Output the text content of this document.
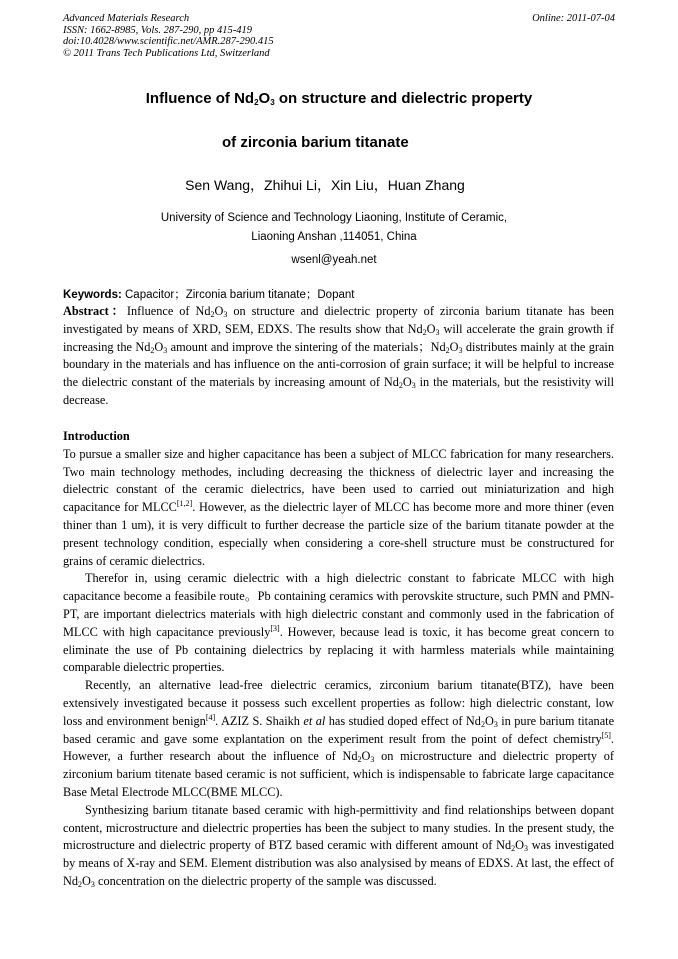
Advanced Materials Research
ISSN: 1662-8985, Vols. 287-290, pp 415-419
doi:10.4028/www.scientific.net/AMR.287-290.415
© 2011 Trans Tech Publications Ltd, Switzerland
Online: 2011-07-04
Influence of $Nd_2O_3$ on structure and dielectric property
of zirconia barium titanate
Sen Wang，Zhihui Li，Xin Liu，Huan Zhang
University of Science and Technology Liaoning, Institute of Ceramic,
Liaoning Anshan ,114051, China
wsenl@yeah.net
Keywords: Capacitor；Zirconia barium titanate；Dopant

Abstract：Influence of $Nd_2O_3$ on structure and dielectric property of zirconia barium titanate has been investigated by means of XRD, SEM, EDXS. The results show that $Nd_2O_3$ will accelerate the grain growth if increasing the $Nd_2O_3$ amount and improve the sintering of the materials；$Nd_2O_3$ distributes mainly at the grain boundary in the materials and has influence on the anti-corrosion of grain surface; it will be helpful to increase the dielectric constant of the materials by increasing amount of $Nd_2O_3$ in the materials, but the resistivity will decrease.

Introduction

To pursue a smaller size and higher capacitance has been a subject of MLCC fabrication for many researchers. Two main technology methodes, including decreasing the thickness of dielectric layer and increasing the dielectric constant of the ceramic dielectrics, have been used to carried out miniaturization and high capacitance for MLCC[1,2]. However, as the dielectric layer of MLCC has become more and more thiner (even thiner than 1 um), it is very difficult to further decrease the particle size of the barium titanate powder at the present technology condition, especially when considering a core-shell structure must be constructured for grains of ceramic dielectrics.

Therefor in, using ceramic dielectric with a high dielectric constant to fabricate MLCC with high capacitance become a feasibile route。Pb containing ceramics with perovskite structure, such PMN and PMN-PT, are important dielectrics materials with high dielectric constant and commonly used in the fabrication of MLCC with high capacitance previously[3]. However, because lead is toxic, it has become great concern to eliminate the use of Pb containing dielectrics by replacing it with harmless materials while maintaining comparable dielectric properties.

Recently, an alternative lead-free dielectric ceramics, zirconium barium titanate(BTZ), have been extensively investigated because it possess such excellent properties as follow: high dielectric constant, low loss and environment benign[4]. AZIZ S. Shaikh et al has studied doped effect of $Nd_2O_3$ in pure barium titanate based ceramic and gave some explantation on the experiment result from the point of defect chemistry[5]. However, a further research about the influence of $Nd_2O_3$ on microstructure and dielectric property of zirconium barium titenate based ceramic is not sufficient, which is indispensable to fabricate large capacitance Base Metal Electrode MLCC(BME MLCC).

Synthesizing barium titanate based ceramic with high-permittivity and find relationships between dopant content, microstructure and dielectric properties has been the subject to many studies. In the present study, the microstructure and dielectric property of BTZ based ceramic with different amount of $Nd_2O_3$ was investigated by means of X-ray and SEM. Element distribution was also analysised by means of EDXS. At last, the effect of $Nd_2O_3$ concentration on the dielectric property of the sample was discussed.
